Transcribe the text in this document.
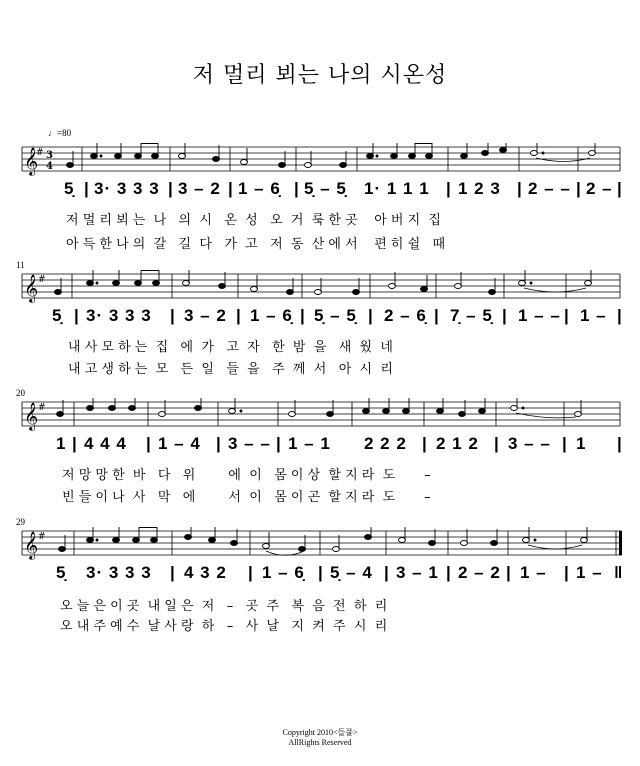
저 멀리 뵈는 나의 시온성
♩=80
𝄞
# 3
4
5̣ | 3· 3 3 3 | 3 – 2 | 1 – 6̣ | 5̣ – 5̣ 1· 1 1 1 | 1 2 3 | 2 – – | 2 – |
저 멀 리 뵈 는  나   의  시   온  성   오  거  룩 한 곳    아 버 지  집
아 득 한 나 의  갈   길  다   가  고   저  동  산 에 서    편 히 쉴   때
11
𝄞 #
5̣ | 3· 3 3 3 | 3 – 2 | 1 – 6̣ | 5̣ – 5̣ | 2 – 6̣ | 7̣ – 5̣ | 1 – – | 1 – |
내 사 모 하 는  집   에  가   고  자   한  밤  을   새  웠  네
내 고 생 하 는  모   든  일   들  을   주  께  서   아  시  리
20
𝄞 #
1 | 4 4 4 | 1 – 4 | 3 – – | 1 – 1 2 2 2 | 2 1 2 | 3 – – | 1 |
저 망 망 한  바   다   위        에  이   몸 이 상  할 지 라  도       –
빈 들 이 나  사   막   에        서  이   몸 이 곤  할 지 라  도       –
29
𝄞 #
5̣ 3· 3 3 3 | 4 3 2 | 1 – 6̣ | 5̣ – 4 | 3 – 1 | 2 – 2 | 1 – | 1 – ‖
오 늘 은 이 곳  내 일 은  저   –   곳  주   복  음  전  하  리
오 내 주 예 수  날 사 랑  하   –   사  날   지  켜  주  시  리
Copyright 2010<들풀>
AllRights Reserved
